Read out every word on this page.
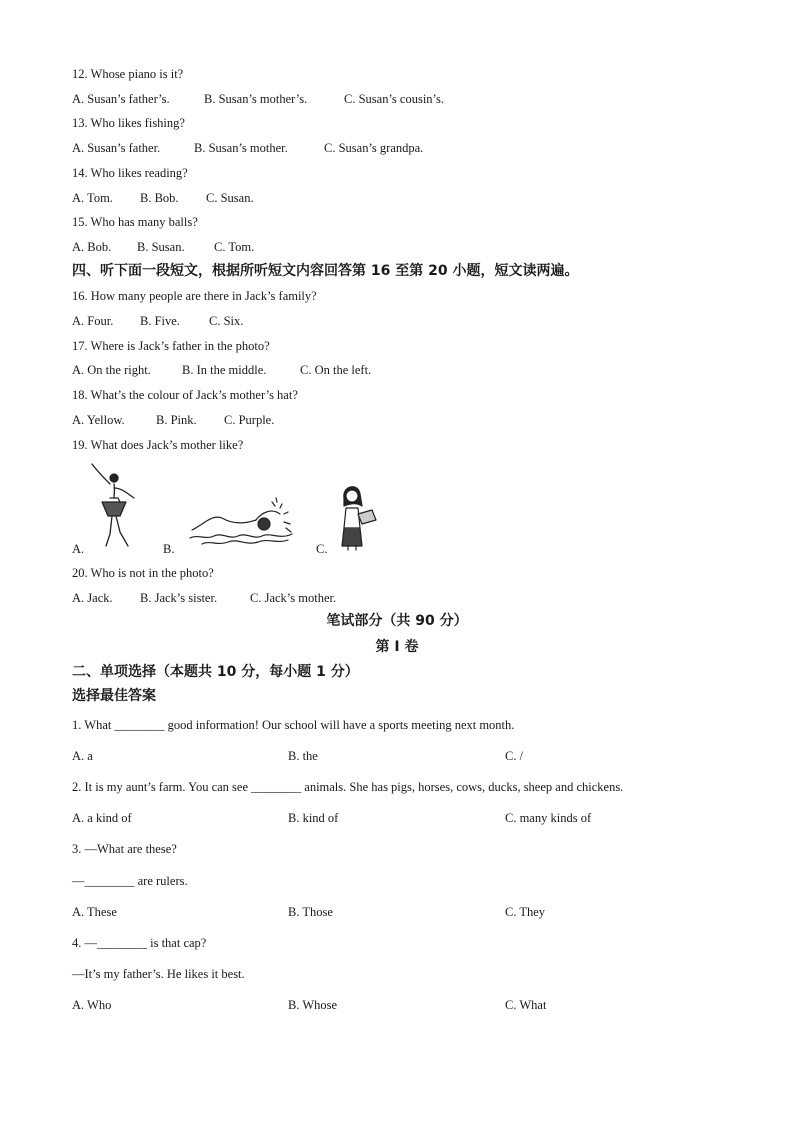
12. Whose piano is it?
A. Susan’s father’s.	B. Susan’s mother’s.	C. Susan’s cousin’s.
13. Who likes fishing?
A. Susan’s father.	B. Susan’s mother.	C. Susan’s grandpa.
14. Who likes reading?
A. Tom. B. Bob. C. Susan.
15. Who has many balls?
A. Bob. B. Susan. C. Tom.
四、听下面一段短文，根据所听短文内容回答第 16 至第 20 小题，短文读两遍。
16. How many people are there in Jack’s family?
A. Four. B. Five. C. Six.
17. Where is Jack’s father in the photo?
A. On the right. B. In the middle.	C. On the left.
18. What’s the colour of Jack’s mother’s hat?
A. Yellow.	B. Pink. C. Purple.
19. What does Jack’s mother like?
A.	B.	C.
20. Who is not in the photo?
A. Jack. B. Jack’s sister.	C. Jack’s mother.
笔试部分（共 90 分）
第 I 卷
二、单项选择（本题共 10 分，每小题 1 分）
选择最佳答案
1. What ________ good information! Our school will have a sports meeting next month.
A. a	B. the	C. /
2. It is my aunt’s farm. You can see ________ animals. She has pigs, horses, cows, ducks, sheep and chickens.
A. a kind of	B. kind of	C. many kinds of
3. —What are these?
—________ are rulers.
A. These	B. Those	C. They
4. —________ is that cap?
—It’s my father’s. He likes it best.
A. Who	B. Whose	C. What
